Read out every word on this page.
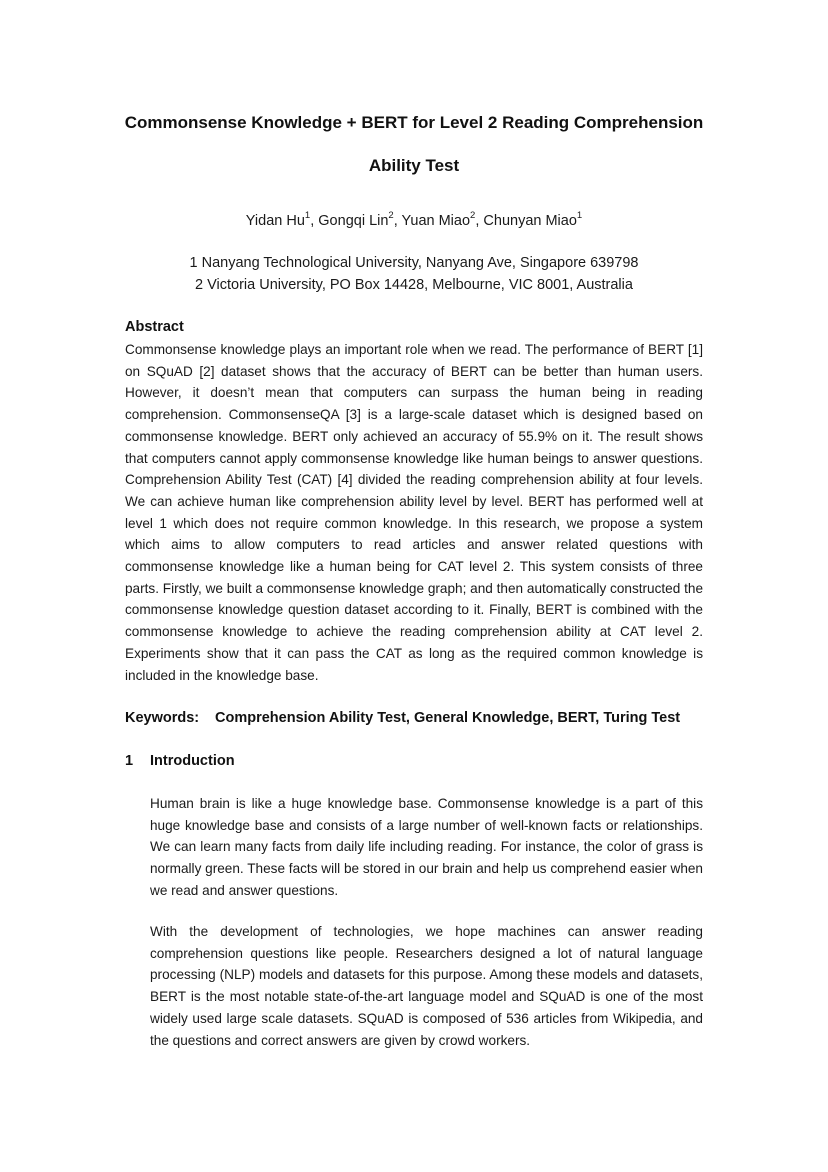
Commonsense Knowledge + BERT for Level 2 Reading Comprehension
Ability Test
Yidan Hu$^1$, Gongqi Lin$^2$, Yuan Miao$^2$, Chunyan Miao$^1$
1 Nanyang Technological University, Nanyang Ave, Singapore 639798
2 Victoria University, PO Box 14428, Melbourne, VIC 8001, Australia
Abstract

Commonsense knowledge plays an important role when we read. The performance of BERT [1] on SQuAD [2] dataset shows that the accuracy of BERT can be better than human users. However, it doesn’t mean that computers can surpass the human being in reading comprehension. CommonsenseQA [3] is a large-scale dataset which is designed based on commonsense knowledge. BERT only achieved an accuracy of 55.9% on it. The result shows that computers cannot apply commonsense knowledge like human beings to answer questions. Comprehension Ability Test (CAT) [4] divided the reading comprehension ability at four levels. We can achieve human like comprehension ability level by level. BERT has performed well at level 1 which does not require common knowledge. In this research, we propose a system which aims to allow computers to read articles and answer related questions with commonsense knowledge like a human being for CAT level 2. This system consists of three parts. Firstly, we built a commonsense knowledge graph; and then automatically constructed the commonsense knowledge question dataset according to it. Finally, BERT is combined with the commonsense knowledge to achieve the reading comprehension ability at CAT level 2. Experiments show that it can pass the CAT as long as the required common knowledge is included in the knowledge base.

Keywords: Comprehension Ability Test, General Knowledge, BERT, Turing Test
1 Introduction

Human brain is like a huge knowledge base. Commonsense knowledge is a part of this huge knowledge base and consists of a large number of well-known facts or relationships. We can learn many facts from daily life including reading. For instance, the color of grass is normally green. These facts will be stored in our brain and help us comprehend easier when we read and answer questions.

With the development of technologies, we hope machines can answer reading comprehension questions like people. Researchers designed a lot of natural language processing (NLP) models and datasets for this purpose. Among these models and datasets, BERT is the most notable state-of-the-art language model and SQuAD is one of the most widely used large scale datasets. SQuAD is composed of 536 articles from Wikipedia, and the questions and correct answers are given by crowd workers.
